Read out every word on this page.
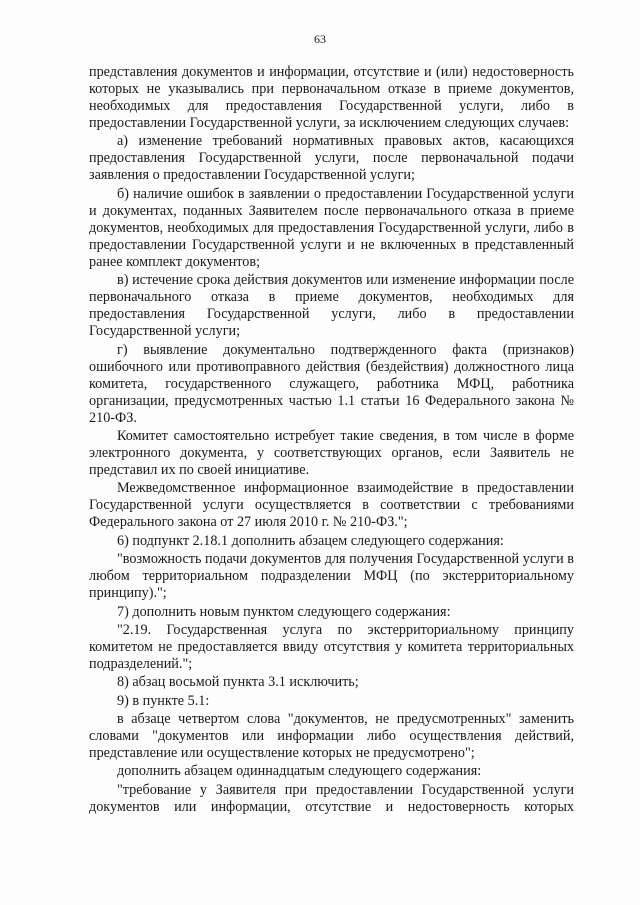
63

представления документов и информации, отсутствие и (или) недостоверность которых не указывались при первоначальном отказе в приеме документов, необходимых для предоставления Государственной услуги, либо в предоставлении Государственной услуги, за исключением следующих случаев:

а) изменение требований нормативных правовых актов, касающихся предоставления Государственной услуги, после первоначальной подачи заявления о предоставлении Государственной услуги;

б) наличие ошибок в заявлении о предоставлении Государственной услуги и документах, поданных Заявителем после первоначального отказа в приеме документов, необходимых для предоставления Государственной услуги, либо в предоставлении Государственной услуги и не включенных в представленный ранее комплект документов;

в) истечение срока действия документов или изменение информации после первоначального отказа в приеме документов, необходимых для предоставления Государственной услуги, либо в предоставлении Государственной услуги;

г) выявление документально подтвержденного факта (признаков) ошибочного или противоправного действия (бездействия) должностного лица комитета, государственного служащего, работника МФЦ, работника организации, предусмотренных частью 1.1 статьи 16 Федерального закона № 210-ФЗ.

Комитет самостоятельно истребует такие сведения, в том числе в форме электронного документа, у соответствующих органов, если Заявитель не представил их по своей инициативе.

Межведомственное информационное взаимодействие в предоставлении Государственной услуги осуществляется в соответствии с требованиями Федерального закона от 27 июля 2010 г. № 210-ФЗ.";

6) подпункт 2.18.1 дополнить абзацем следующего содержания:

"возможность подачи документов для получения Государственной услуги в любом территориальном подразделении МФЦ (по экстерриториальному принципу).";

7) дополнить новым пунктом следующего содержания:

"2.19. Государственная услуга по экстерриториальному принципу комитетом не предоставляется ввиду отсутствия у комитета территориальных подразделений.";

8) абзац восьмой пункта 3.1 исключить;

9) в пункте 5.1:

в абзаце четвертом слова "документов, не предусмотренных" заменить словами "документов или информации либо осуществления действий, представление или осуществление которых не предусмотрено";

дополнить абзацем одиннадцатым следующего содержания:

"требование у Заявителя при предоставлении Государственной услуги документов или информации, отсутствие и недостоверность которых
